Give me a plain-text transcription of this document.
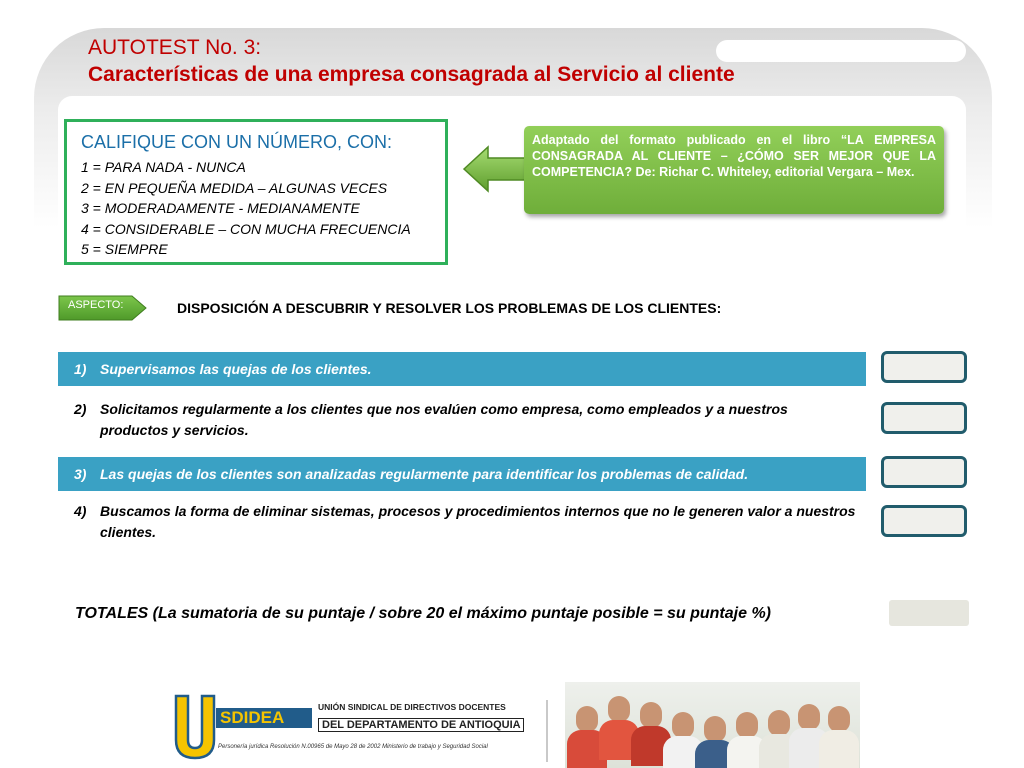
AUTOTEST No. 3:
Características de una empresa consagrada al Servicio al cliente
CALIFIQUE CON UN NÚMERO, CON:
1 = PARA NADA - NUNCA
2 = EN PEQUEÑA MEDIDA – ALGUNAS VECES
3 = MODERADAMENTE - MEDIANAMENTE
4 = CONSIDERABLE – CON MUCHA FRECUENCIA
5 = SIEMPRE
Adaptado del formato publicado en el libro “LA EMPRESA CONSAGRADA AL CLIENTE – ¿CÓMO SER MEJOR QUE LA COMPETENCIA? De: Richar C. Whiteley, editorial Vergara – Mex.
ASPECTO:	DISPOSICIÓN A DESCUBRIR Y RESOLVER LOS PROBLEMAS DE LOS CLIENTES:
1) Supervisamos las quejas de los clientes.
2) Solicitamos regularmente a los clientes que nos evalúen como empresa, como empleados y a nuestros productos y servicios.
3) Las quejas de los clientes son analizadas regularmente para identificar los problemas de calidad.
4) Buscamos la forma de eliminar sistemas, procesos y procedimientos internos que no le generen valor a nuestros clientes.
TOTALES (La sumatoria de su puntaje / sobre 20 el máximo puntaje posible = su puntaje %)
SDIDEA
UNIÓN SINDICAL DE DIRECTIVOS DOCENTES
DEL DEPARTAMENTO DE ANTIOQUIA
Personería jurídica Resolución N.00965 de Mayo 28 de 2002 Ministerio de trabajo y Seguridad Social
